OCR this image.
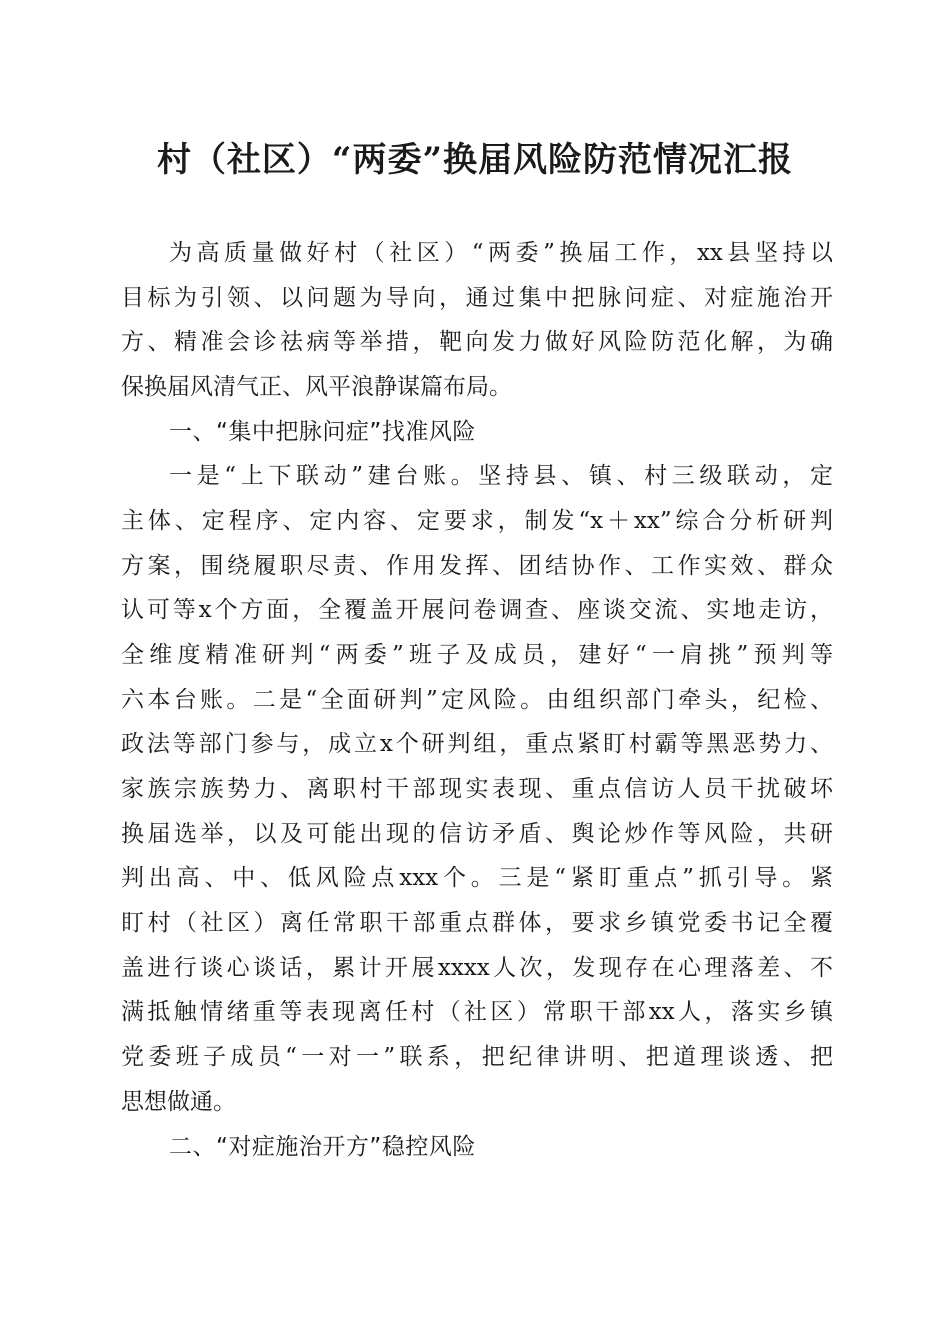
村（社区）“两委”换届风险防范情况汇报
为高质量做好村（社区）“两委”换届工作，xx县坚持以
目标为引领、以问题为导向，通过集中把脉问症、对症施治开
方、精准会诊祛病等举措，靶向发力做好风险防范化解，为确
保换届风清气正、风平浪静谋篇布局。
一、“集中把脉问症”找准风险
一是“上下联动”建台账。坚持县、镇、村三级联动，定
主体、定程序、定内容、定要求，制发“x＋xx”综合分析研判
方案，围绕履职尽责、作用发挥、团结协作、工作实效、群众
认可等x个方面，全覆盖开展问卷调查、座谈交流、实地走访，
全维度精准研判“两委”班子及成员，建好“一肩挑”预判等
六本台账。二是“全面研判”定风险。由组织部门牵头，纪检、
政法等部门参与，成立x个研判组，重点紧盯村霸等黑恶势力、
家族宗族势力、离职村干部现实表现、重点信访人员干扰破坏
换届选举，以及可能出现的信访矛盾、舆论炒作等风险，共研
判出高、中、低风险点xxx个。三是“紧盯重点”抓引导。紧
盯村（社区）离任常职干部重点群体，要求乡镇党委书记全覆
盖进行谈心谈话，累计开展xxxx人次，发现存在心理落差、不
满抵触情绪重等表现离任村（社区）常职干部xx人，落实乡镇
党委班子成员“一对一”联系，把纪律讲明、把道理谈透、把
思想做通。
二、“对症施治开方”稳控风险
